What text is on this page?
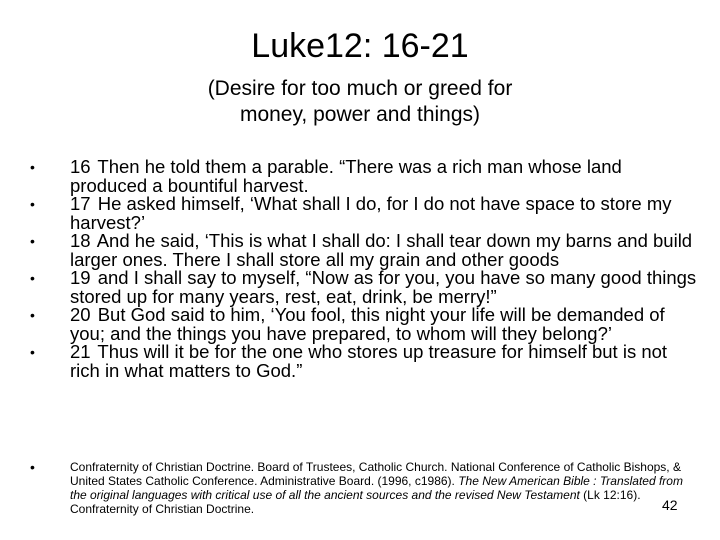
Luke12: 16-21
(Desire for too much or greed for
money, power and things)
• 16 Then he told them a parable. “There was a rich man whose land produced a bountiful harvest.
• 17 He asked himself, ‘What shall I do, for I do not have space to store my harvest?’
• 18 And he said, ‘This is what I shall do: I shall tear down my barns and build larger ones. There I shall store all my grain and other goods
• 19 and I shall say to myself, “Now as for you, you have so many good things stored up for many years, rest, eat, drink, be merry!”
• 20 But God said to him, ‘You fool, this night your life will be demanded of you; and the things you have prepared, to whom will they belong?’
• 21 Thus will it be for the one who stores up treasure for himself but is not rich in what matters to God.”
•	Confraternity of Christian Doctrine. Board of Trustees, Catholic Church. National Conference of Catholic Bishops, & United States Catholic Conference. Administrative Board. (1996, c1986). The New American Bible : Translated from the original languages with critical use of all the ancient sources and the revised New Testament (Lk 12:16). Confraternity of Christian Doctrine.	42
